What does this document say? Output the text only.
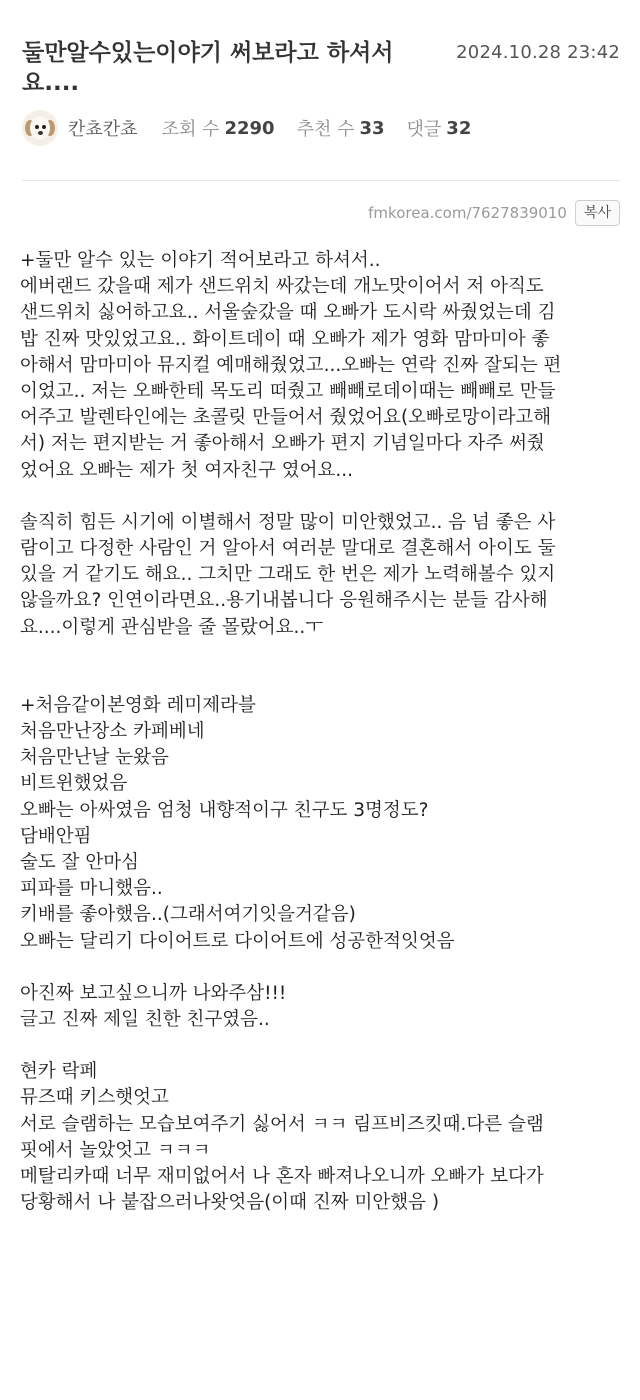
둘만알수있는이야기 써보라고 하셔서 요....
2024.10.28 23:42
칸쵸칸쵸 조회 수 2290 추천 수 33 댓글 32
fmkorea.com/7627839010	복사

+둘만 알수 있는 이야기 적어보라고 하셔서..
에버랜드 갔을때 제가 샌드위치 싸갔는데 개노맛이어서 저 아직도
샌드위치 싫어하고요.. 서울숲갔을 때 오빠가 도시락 싸줬었는데 김
밥 진짜 맛있었고요.. 화이트데이 때 오빠가 제가 영화 맘마미아 좋
아해서 맘마미아 뮤지컬 예매해줬었고...오빠는 연락 진짜 잘되는 편
이었고.. 저는 오빠한테 목도리 떠줬고 빼빼로데이때는 빼빼로 만들
어주고 발렌타인에는 초콜릿 만들어서 줬었어요(오빠로망이라고해
서) 저는 편지받는 거 좋아해서 오빠가 편지 기념일마다 자주 써줬
었어요 오빠는 제가 첫 여자친구 였어요...

솔직히 힘든 시기에 이별해서 정말 많이 미안했었고.. 음 넘 좋은 사
람이고 다정한 사람인 거 알아서 여러분 말대로 결혼해서 아이도 둘
있을 거 같기도 해요.. 그치만 그래도 한 번은 제가 노력해볼수 있지
않을까요? 인연이라면요..용기내봅니다 응원해주시는 분들 감사해
요....이렇게 관심받을 줄 몰랐어요..ㅜ

+처음같이본영화 레미제라블
처음만난장소 카페베네
처음만난날 눈왔음
비트윈했었음
오빠는 아싸였음 엄청 내향적이구 친구도 3명정도?
담배안핌
술도 잘 안마심
피파를 마니했음..
키배를 좋아했음..(그래서여기잇을거같음)
오빠는 달리기 다이어트로 다이어트에 성공한적잇엇음

아진짜 보고싶으니까 나와주삼!!!
글고 진짜 제일 친한 친구였음..

현카 락페
뮤즈때 키스햇엇고
서로 슬램하는 모습보여주기 싫어서 ㅋㅋ 림프비즈킷때.다른 슬램
핏에서 놀았엇고 ㅋㅋㅋ
메탈리카때 너무 재미없어서 나 혼자 빠져나오니까 오빠가 보다가
당황해서 나 붙잡으러나왓엇음(이때 진짜 미안했음 )
